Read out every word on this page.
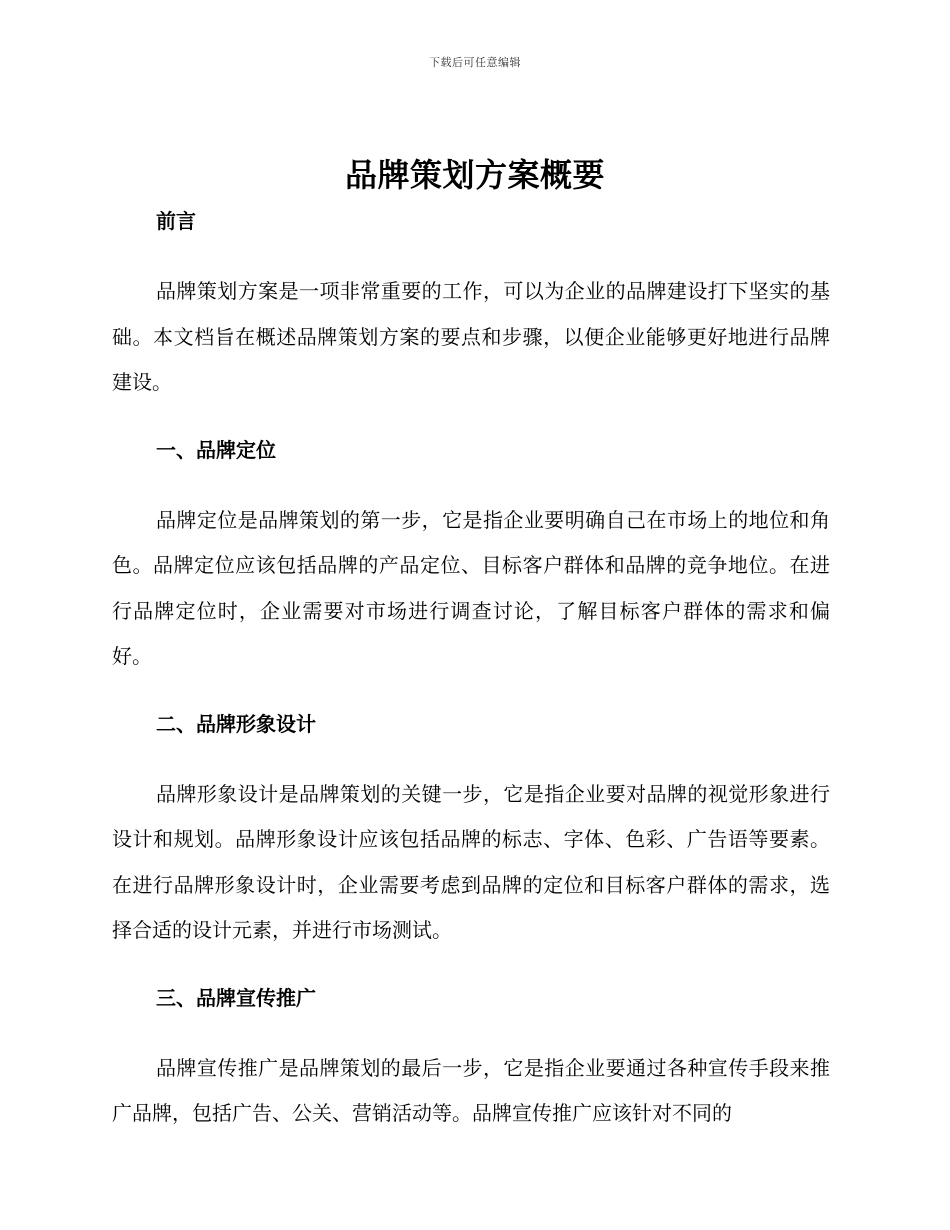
下载后可任意编辑
品牌策划方案概要
前言

品牌策划方案是一项非常重要的工作，可以为企业的品牌建设打下坚实的基础。本文档旨在概述品牌策划方案的要点和步骤，以便企业能够更好地进行品牌建设。

一、品牌定位

品牌定位是品牌策划的第一步，它是指企业要明确自己在市场上的地位和角色。品牌定位应该包括品牌的产品定位、目标客户群体和品牌的竞争地位。在进行品牌定位时，企业需要对市场进行调查讨论，了解目标客户群体的需求和偏好。

二、品牌形象设计

品牌形象设计是品牌策划的关键一步，它是指企业要对品牌的视觉形象进行设计和规划。品牌形象设计应该包括品牌的标志、字体、色彩、广告语等要素。在进行品牌形象设计时，企业需要考虑到品牌的定位和目标客户群体的需求，选择合适的设计元素，并进行市场测试。

三、品牌宣传推广

品牌宣传推广是品牌策划的最后一步，它是指企业要通过各种宣传手段来推广品牌，包括广告、公关、营销活动等。品牌宣传推广应该针对不同的
